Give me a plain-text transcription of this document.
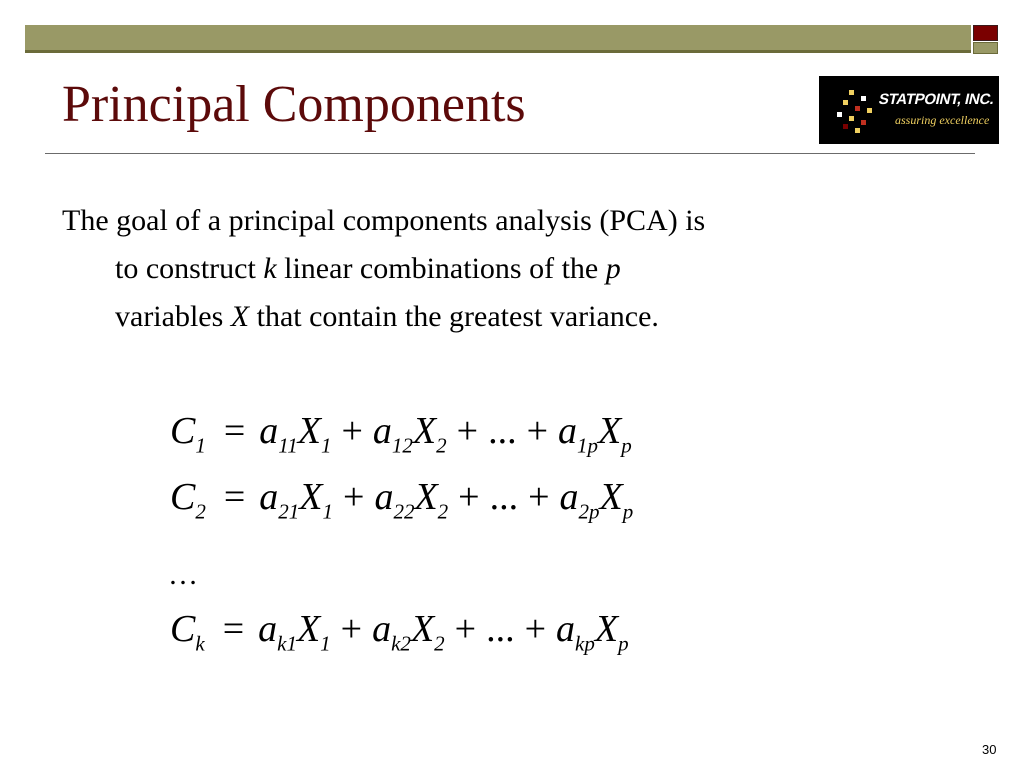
Principal Components	STATPOINT, INC.
assuring excellence
The goal of a principal components analysis (PCA) is
to construct k linear combinations of the p
variables X that contain the greatest variance.
$C_1 = a_{11}X_1 + a_{12}X_2$ + ... + $a_{1p}X_p$
$C_2 = a_{21}X_1 + a_{22}X_2$ + ... + $a_{2p}X_p$
…
$C_k = a_{k1}X_1 + a_{k2}X_2$ + ... + $a_{kp}X_p$
30
